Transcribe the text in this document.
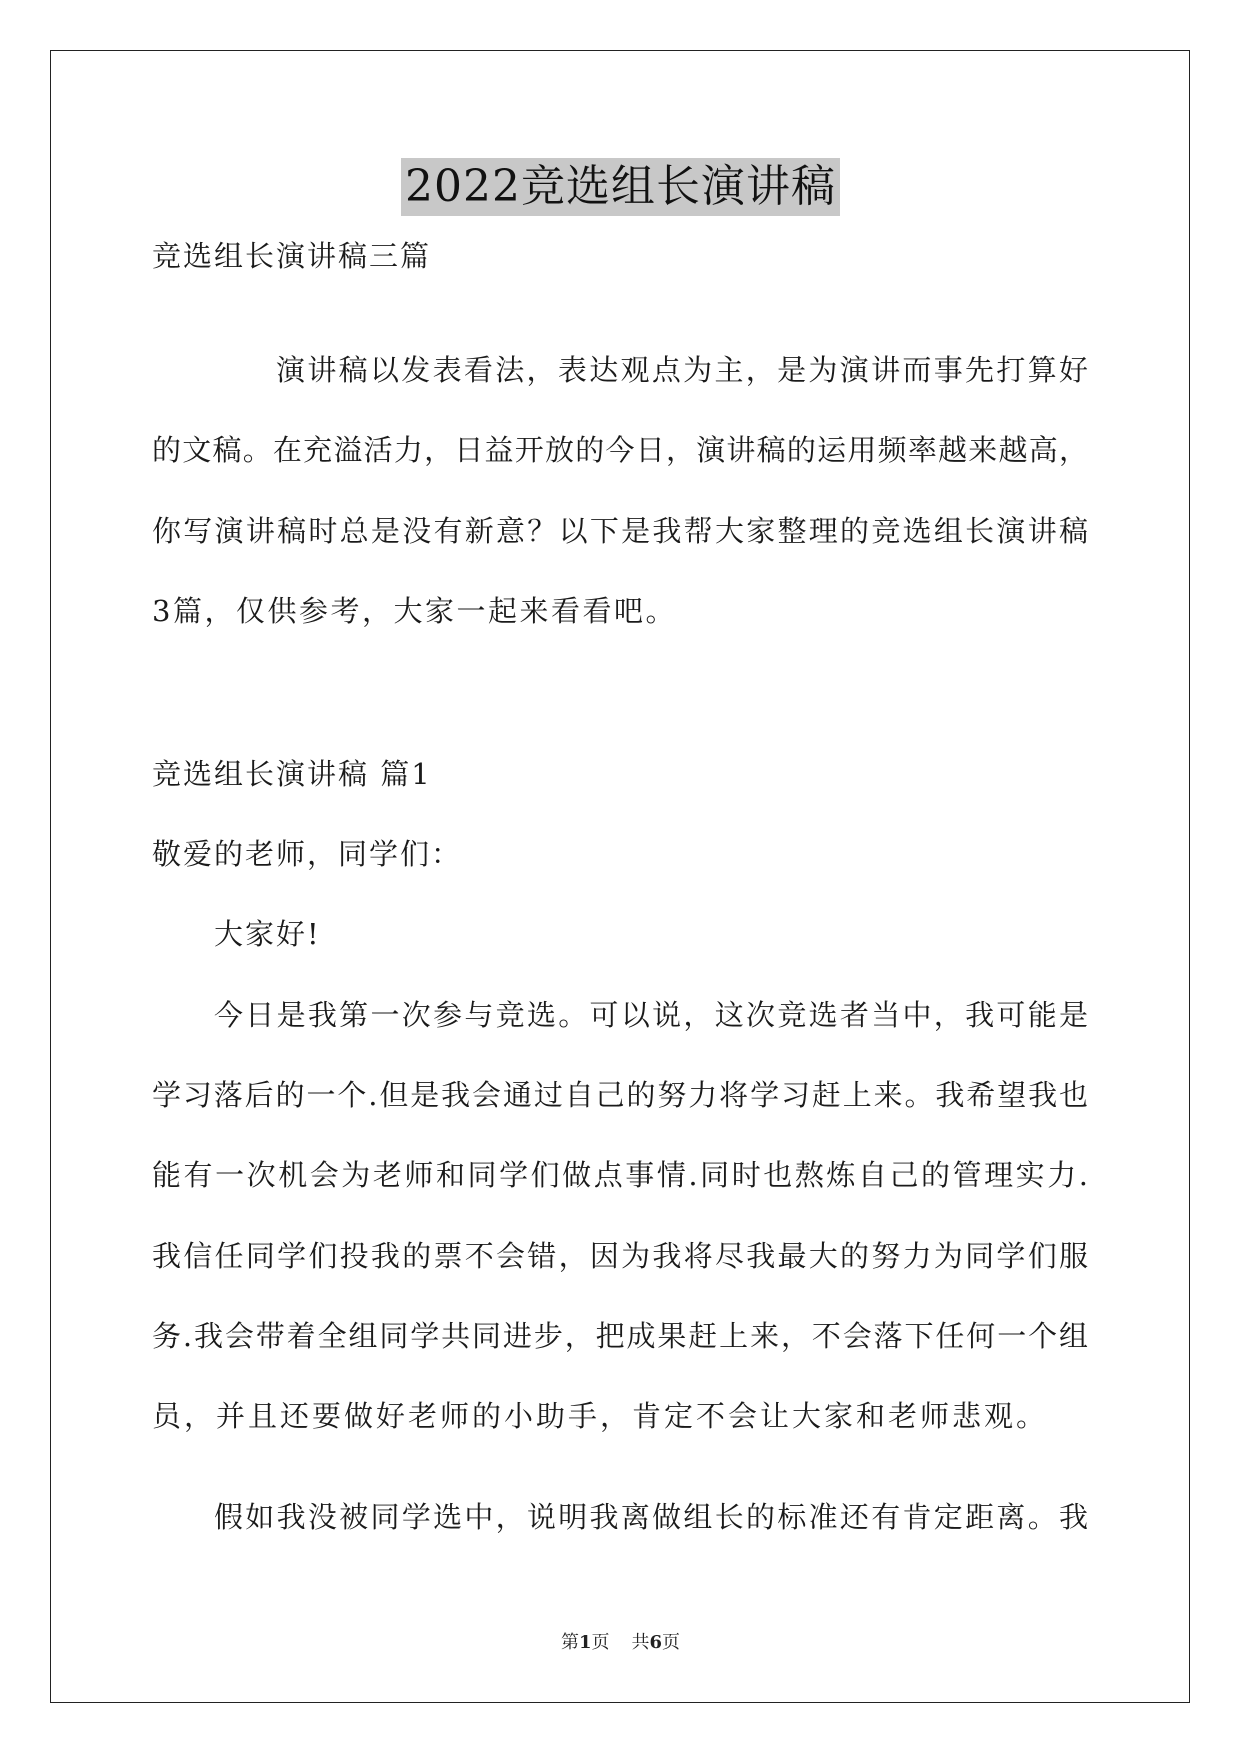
2022竞选组长演讲稿
竞选组长演讲稿三篇
演讲稿以发表看法，表达观点为主，是为演讲而事先打算好
的文稿。在充溢活力，日益开放的今日，演讲稿的运用频率越来越高，
你写演讲稿时总是没有新意？以下是我帮大家整理的竞选组长演讲稿
3篇，仅供参考，大家一起来看看吧。
竞选组长演讲稿 篇1
敬爱的老师，同学们：
大家好!
今日是我第一次参与竞选。可以说，这次竞选者当中，我可能是
学习落后的一个.但是我会通过自己的努力将学习赶上来。我希望我也
能有一次机会为老师和同学们做点事情.同时也熬炼自己的管理实力.
我信任同学们投我的票不会错，因为我将尽我最大的努力为同学们服
务.我会带着全组同学共同进步，把成果赶上来，不会落下任何一个组
员，并且还要做好老师的小助手，肯定不会让大家和老师悲观。
假如我没被同学选中，说明我离做组长的标准还有肯定距离。我
第1页 共6页
